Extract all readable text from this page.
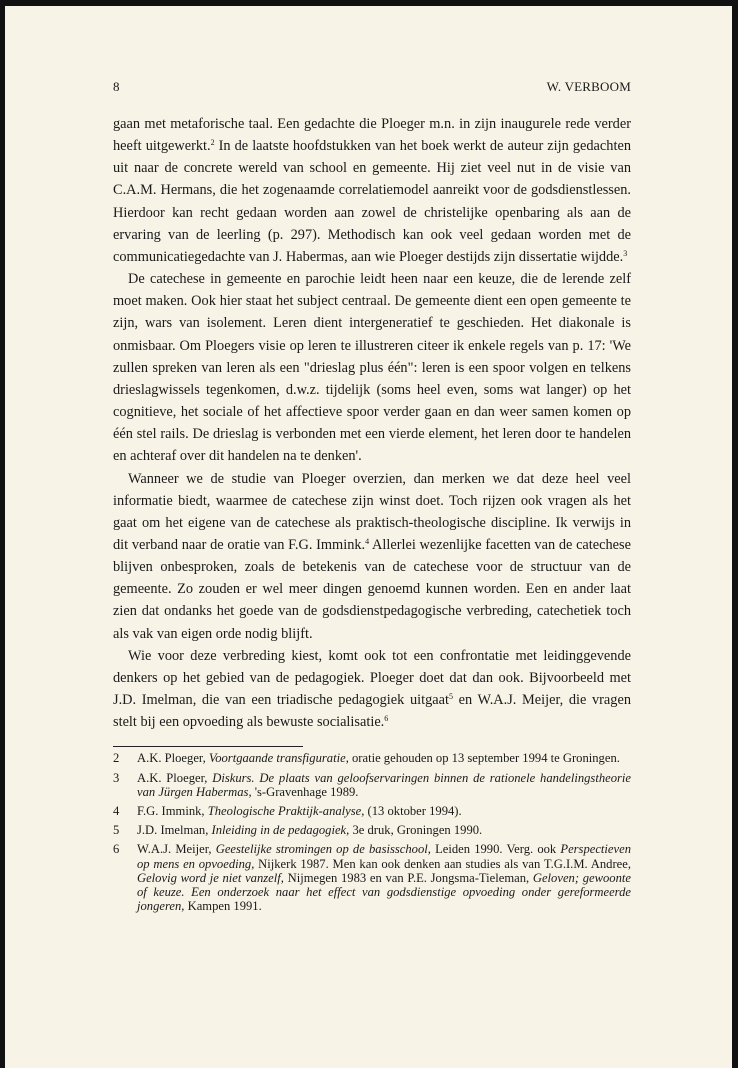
8	W. VERBOOM

gaan met metaforische taal. Een gedachte die Ploeger m.n. in zijn inaugurele rede verder heeft uitgewerkt.$^2$ In de laatste hoofdstukken van het boek werkt de auteur zijn gedachten uit naar de concrete wereld van school en gemeente. Hij ziet veel nut in de visie van C.A.M. Hermans, die het zogenaamde correlatiemodel aanreikt voor de godsdienstlessen. Hierdoor kan recht gedaan worden aan zowel de christelijke openbaring als aan de ervaring van de leerling (p. 297). Methodisch kan ook veel gedaan worden met de communicatiegedachte van J. Habermas, aan wie Ploeger destijds zijn dissertatie wijdde.$^3$

De catechese in gemeente en parochie leidt heen naar een keuze, die de lerende zelf moet maken. Ook hier staat het subject centraal. De gemeente dient een open gemeente te zijn, wars van isolement. Leren dient intergeneratief te geschieden. Het diakonale is onmisbaar. Om Ploegers visie op leren te illustreren citeer ik enkele regels van p. 17: 'We zullen spreken van leren als een "drieslag plus één": leren is een spoor volgen en telkens drieslagwissels tegenkomen, d.w.z. tijdelijk (soms heel even, soms wat langer) op het cognitieve, het sociale of het affectieve spoor verder gaan en dan weer samen komen op één stel rails. De drieslag is verbonden met een vierde element, het leren door te handelen en achteraf over dit handelen na te denken'.

Wanneer we de studie van Ploeger overzien, dan merken we dat deze heel veel informatie biedt, waarmee de catechese zijn winst doet. Toch rijzen ook vragen als het gaat om het eigene van de catechese als praktisch-theologische discipline. Ik verwijs in dit verband naar de oratie van F.G. Immink.$^4$ Allerlei wezenlijke facetten van de catechese blijven onbesproken, zoals de betekenis van de catechese voor de structuur van de gemeente. Zo zouden er wel meer dingen genoemd kunnen worden. Een en ander laat zien dat ondanks het goede van de godsdienstpedagogische verbreding, catechetiek toch als vak van eigen orde nodig blijft.

Wie voor deze verbreding kiest, komt ook tot een confrontatie met leidinggevende denkers op het gebied van de pedagogiek. Ploeger doet dat dan ook. Bijvoorbeeld met J.D. Imelman, die van een triadische pedagogiek uitgaat$^5$ en W.A.J. Meijer, die vragen stelt bij een opvoeding als bewuste socialisatie.$^6$

2	A.K. Ploeger, Voortgaande transfiguratie, oratie gehouden op 13 september 1994 te Groningen.
3	A.K. Ploeger, Diskurs. De plaats van geloofservaringen binnen de rationele handelingstheorie van Jürgen Habermas, 's-Gravenhage 1989.
4	F.G. Immink, Theologische Praktijk-analyse, (13 oktober 1994).
5	J.D. Imelman, Inleiding in de pedagogiek, 3e druk, Groningen 1990.
6	W.A.J. Meijer, Geestelijke stromingen op de basisschool, Leiden 1990. Verg. ook Perspectieven op mens en opvoeding, Nijkerk 1987. Men kan ook denken aan studies als van T.G.I.M. Andree, Gelovig word je niet vanzelf, Nijmegen 1983 en van P.E. Jongsma-Tieleman, Geloven; gewoonte of keuze. Een onderzoek naar het effect van godsdienstige opvoeding onder gereformeerde jongeren, Kampen 1991.
